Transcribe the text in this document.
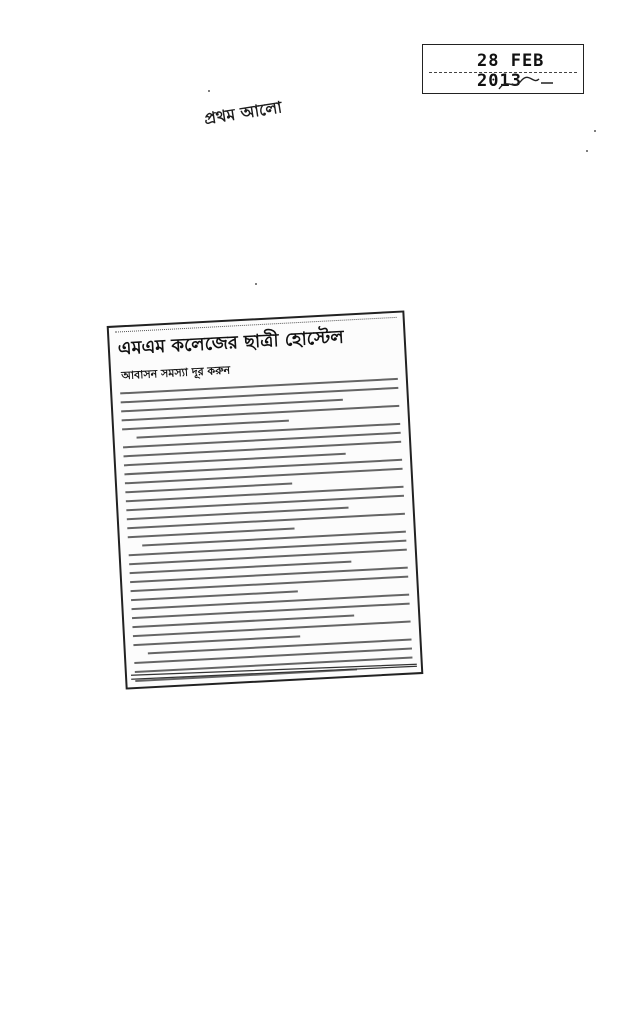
28 FEB 2013
প্রথম আলো
এমএম কলেজের ছাত্রী হোস্টেল
আবাসন সমস্যা দূর করুন
